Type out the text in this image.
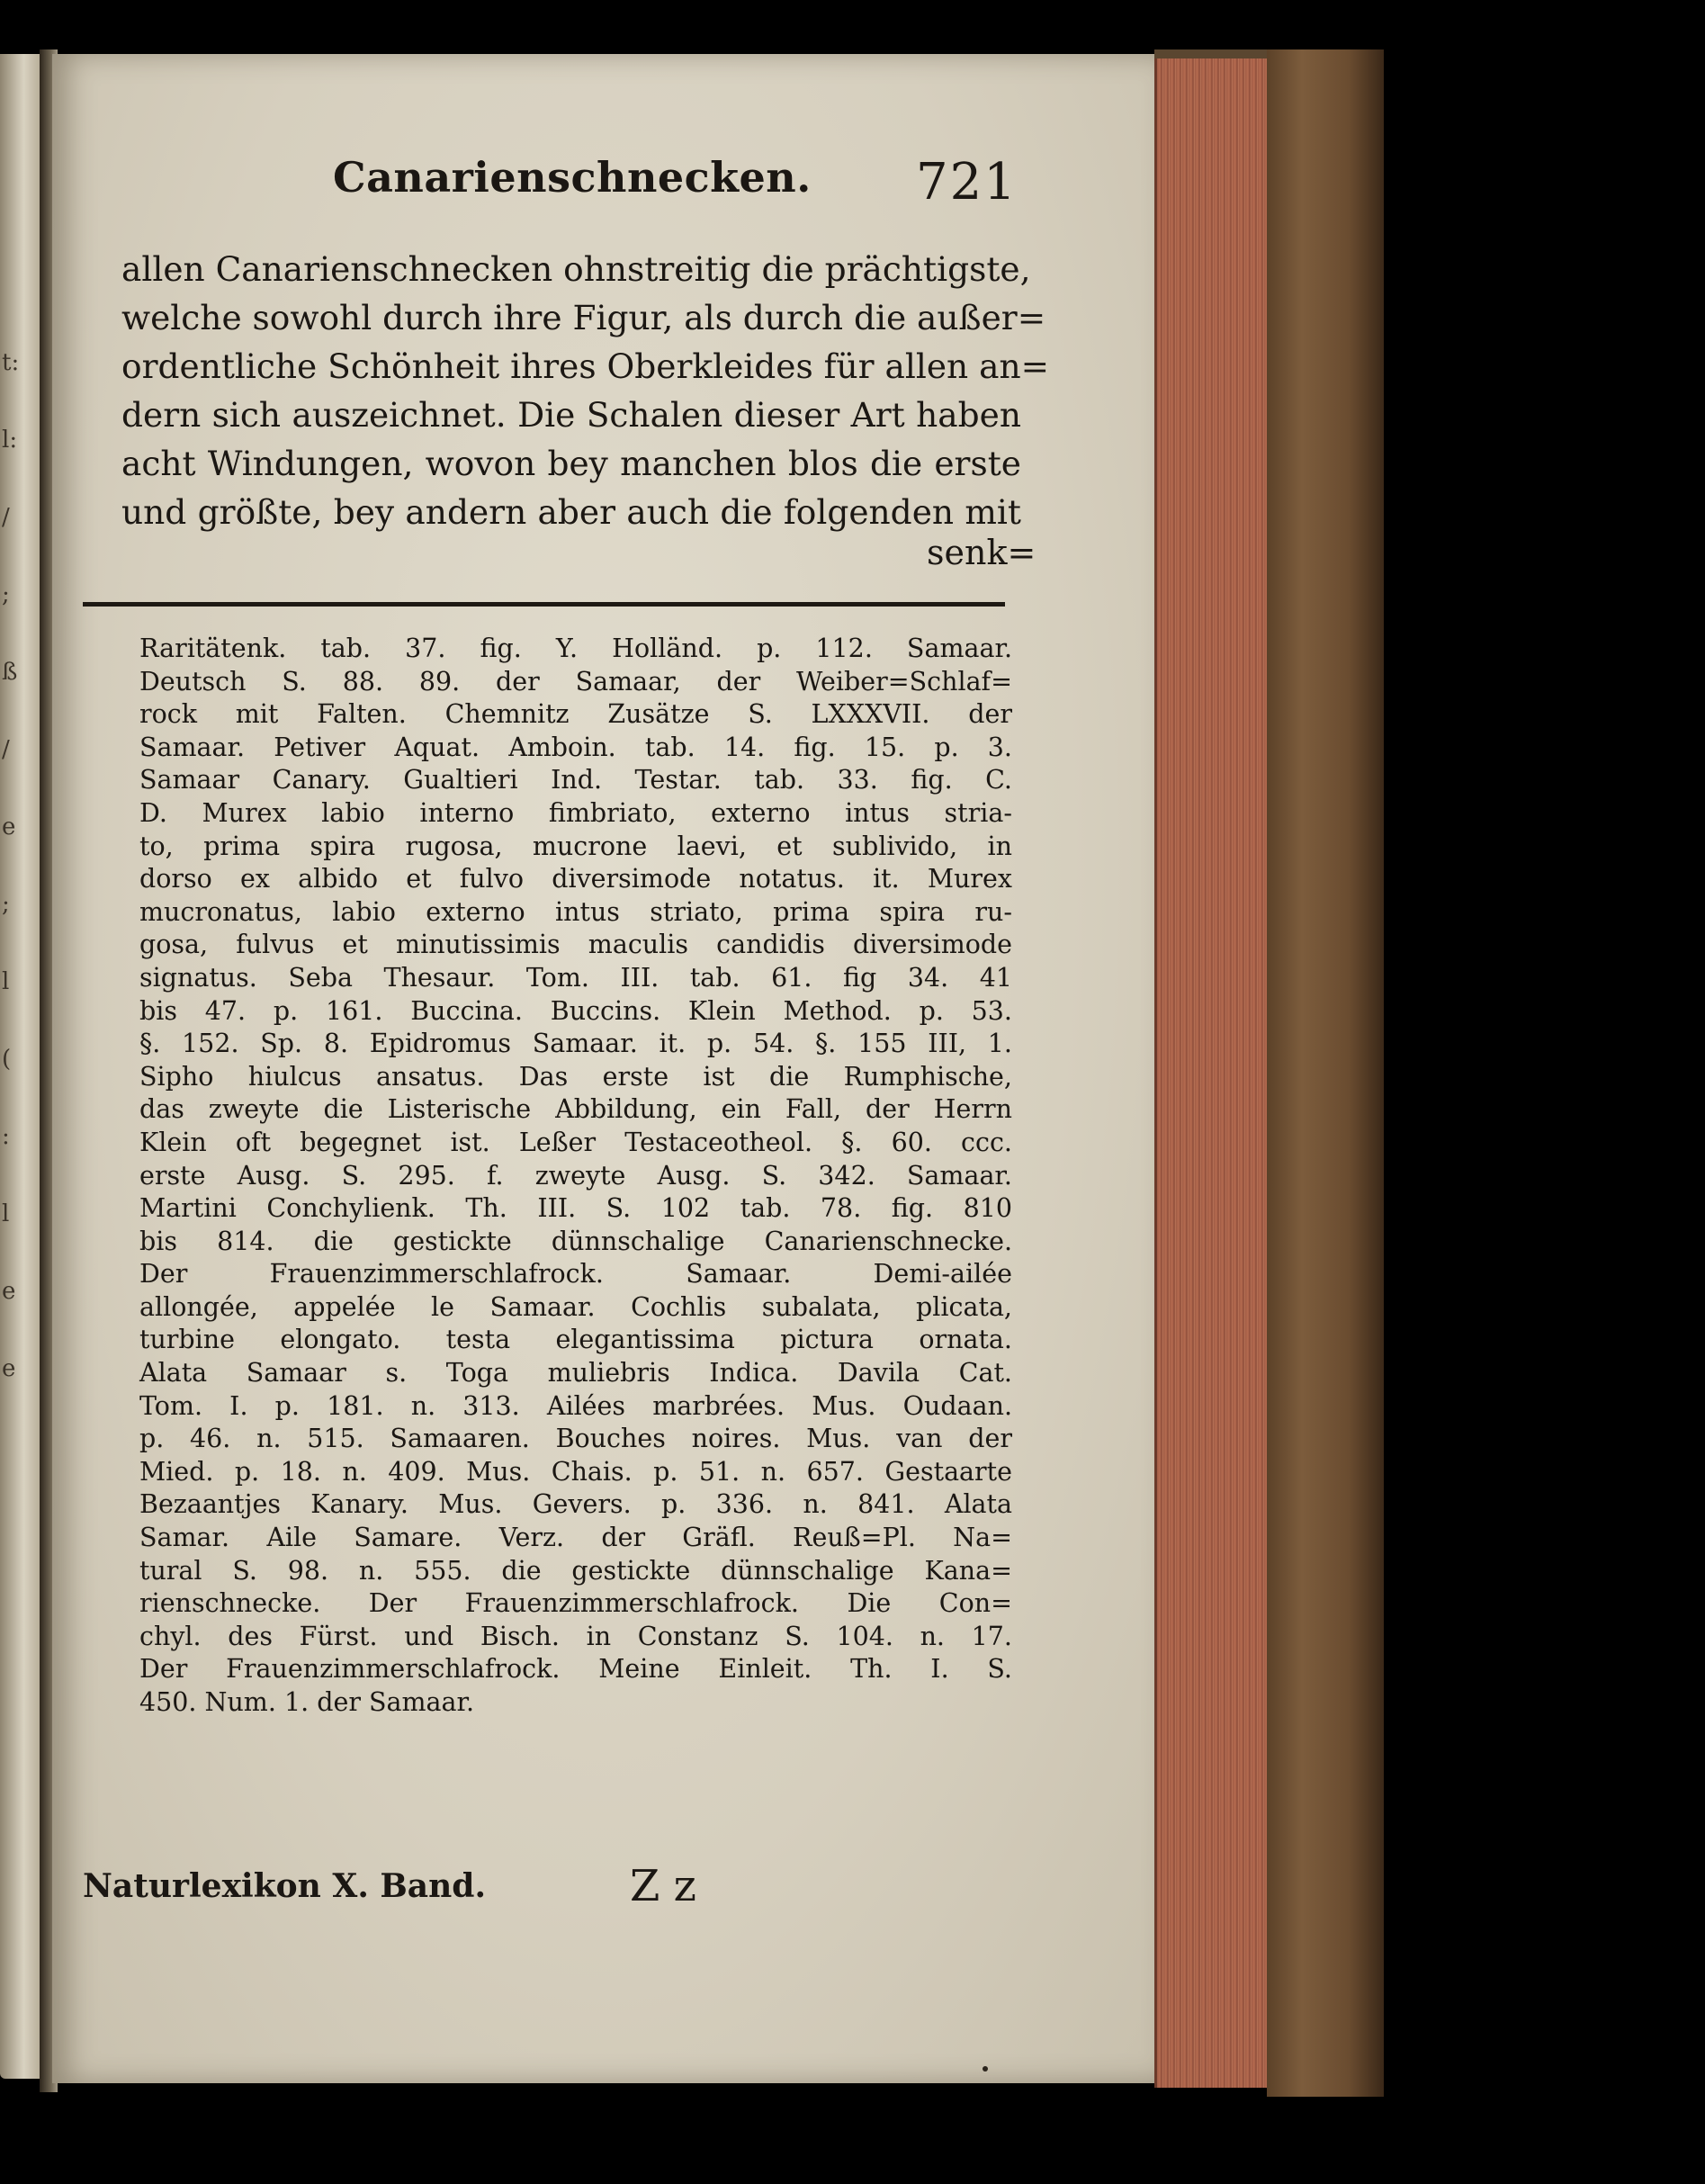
t:
l:
/
;
ß
/
e
;
l
(
:
l
e
e
Canarienschnecken. 721
allen Canarienschnecken ohnstreitig die prächtigste,
welche sowohl durch ihre Figur, als durch die außer=
ordentliche Schönheit ihres Oberkleides für allen an=
dern sich auszeichnet. Die Schalen dieser Art haben
acht Windungen, wovon bey manchen blos die erste
und größte, bey andern aber auch die folgenden mit
senk=
Raritätenk. tab. 37. fig. Y. Holländ. p. 112. Samaar.
Deutsch S. 88. 89. der Samaar, der Weiber=Schlaf=
rock mit Falten. Chemnitz Zusätze S. LXXXVII. der
Samaar. Petiver Aquat. Amboin. tab. 14. fig. 15. p. 3.
Samaar Canary. Gualtieri Ind. Testar. tab. 33. fig. C.
D. Murex labio interno fimbriato, externo intus stria-
to, prima spira rugosa, mucrone laevi, et sublivido, in
dorso ex albido et fulvo diversimode notatus. it. Murex
mucronatus, labio externo intus striato, prima spira ru-
gosa, fulvus et minutissimis maculis candidis diversimode
signatus. Seba Thesaur. Tom. III. tab. 61. fig 34. 41
bis 47. p. 161. Buccina. Buccins. Klein Method. p. 53.
§. 152. Sp. 8. Epidromus Samaar. it. p. 54. §. 155 III, 1.
Sipho hiulcus ansatus. Das erste ist die Rumphische,
das zweyte die Listerische Abbildung, ein Fall, der Herrn
Klein oft begegnet ist. Leßer Testaceotheol. §. 60. ccc.
erste Ausg. S. 295. f. zweyte Ausg. S. 342. Samaar.
Martini Conchylienk. Th. III. S. 102 tab. 78. fig. 810
bis 814. die gestickte dünnschalige Canarienschnecke.
Der Frauenzimmerschlafrock. Samaar. Demi-ailée
allongée, appelée le Samaar. Cochlis subalata, plicata,
turbine elongato. testa elegantissima pictura ornata.
Alata Samaar s. Toga muliebris Indica. Davila Cat.
Tom. I. p. 181. n. 313. Ailées marbrées. Mus. Oudaan.
p. 46. n. 515. Samaaren. Bouches noires. Mus. van der
Mied. p. 18. n. 409. Mus. Chais. p. 51. n. 657. Gestaarte
Bezaantjes Kanary. Mus. Gevers. p. 336. n. 841. Alata
Samar. Aile Samare. Verz. der Gräfl. Reuß=Pl. Na=
tural S. 98. n. 555. die gestickte dünnschalige Kana=
rienschnecke. Der Frauenzimmerschlafrock. Die Con=
chyl. des Fürst. und Bisch. in Constanz S. 104. n. 17.
Der Frauenzimmerschlafrock. Meine Einleit. Th. I. S.
450. Num. 1. der Samaar.
Naturlexikon X. Band.	Z z
